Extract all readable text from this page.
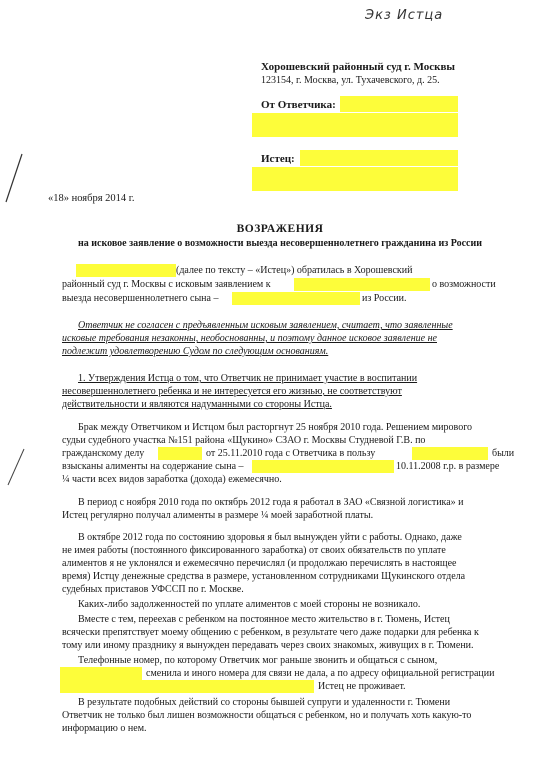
Экз Истца
Хорошевский районный суд г. Москвы
123154, г. Москва, ул. Тухачевского, д. 25.
От Ответчика:
Истец:
«18» ноября 2014 г.
ВОЗРАЖЕНИЯ
на исковое заявление о возможности выезда несовершеннолетнего гражданина из России
(далее по тексту – «Истец») обратилась в Хорошевский
районный суд г. Москвы с исковым заявлением к	о возможности
выезда несовершеннолетнего сына –	из России.
Ответчик не согласен с предъявленным исковым заявлением, считает, что заявленные
исковые требования незаконны, необоснованны, и поэтому данное исковое заявление не
подлежит удовлетворению Судом по следующим основаниям.
1. Утверждения Истца о том, что Ответчик не принимает участие в воспитании
несовершеннолетнего ребенка и не интересуется его жизнью, не соответствуют
действительности и являются надуманными со стороны Истца.
Брак между Ответчиком и Истцом был расторгнут 25 ноября 2010 года. Решением мирового
судьи судебного участка №151 района «Щукино» СЗАО г. Москвы Студневой Г.В. по
гражданскому делу	от 25.11.2010 года с Ответчика в пользу	были
взысканы алименты на содержание сына –	10.11.2008 г.р. в размере
¼ части всех видов заработка (дохода) ежемесячно.
В период с ноября 2010 года по октябрь 2012 года я работал в ЗАО «Связной логистика» и
Истец регулярно получал алименты в размере ¼ моей заработной платы.
В октябре 2012 года по состоянию здоровья я был вынужден уйти с работы. Однако, даже
не имея работы (постоянного фиксированного заработка) от своих обязательств по уплате
алиментов я не уклонялся и ежемесячно перечислял (и продолжаю перечислять в настоящее
время) Истцу денежные средства в размере, установленном сотрудниками Щукинского отдела
судебных приставов УФССП по г. Москве.
Каких-либо задолженностей по уплате алиментов с моей стороны не возникало.
Вместе с тем, переехав с ребенком на постоянное место жительство в г. Тюмень, Истец
всячески препятствует моему общению с ребенком, в результате чего даже подарки для ребенка к
тому или иному празднику я вынужден передавать через своих знакомых, живущих в г. Тюмени.
Телефонные номер, по которому Ответчик мог раньше звонить и общаться с сыном,
сменила и иного номера для связи не дала, а по адресу официальной регистрации
Истец не проживает.
В результате подобных действий со стороны бывшей супруги и удаленности г. Тюмени
Ответчик не только был лишен возможности общаться с ребенком, но и получать хоть какую-то
информацию о нем.
